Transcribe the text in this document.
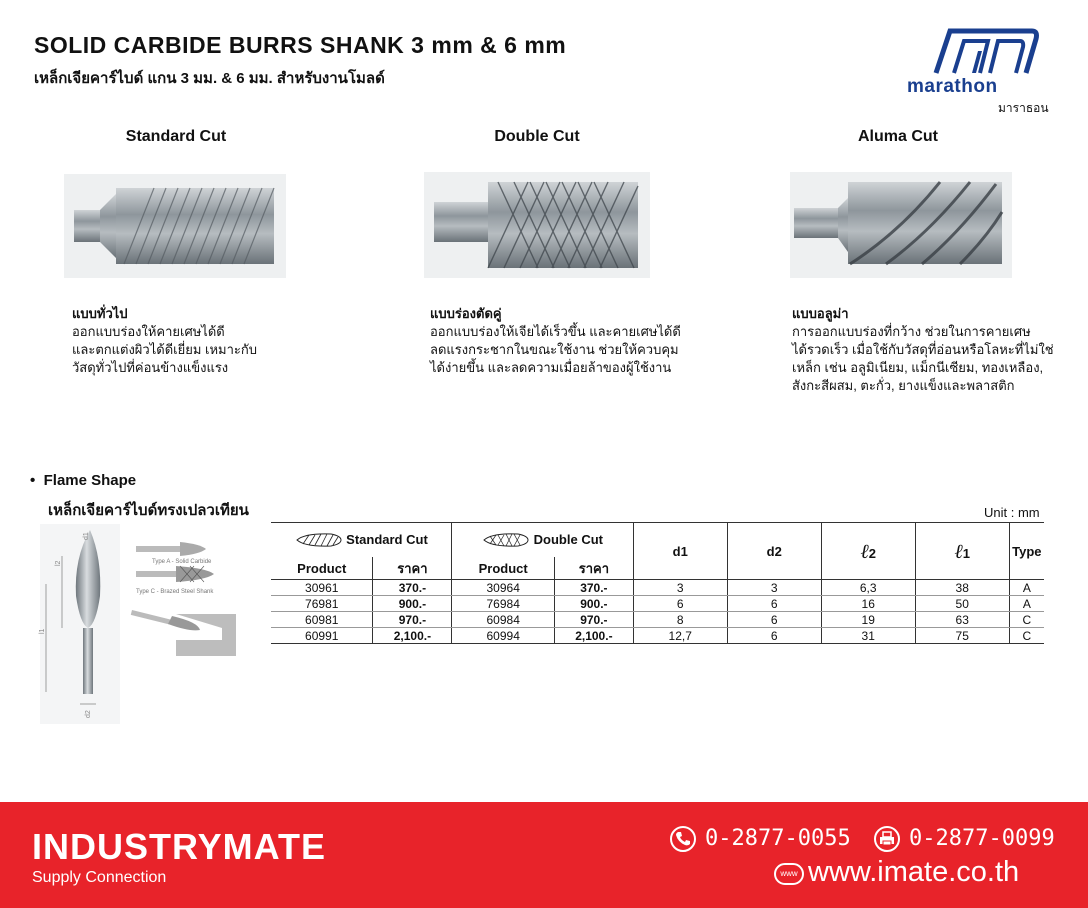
SOLID CARBIDE BURRS SHANK 3 mm & 6 mm
เหล็กเจียคาร์ไบด์ แกน 3 มม. & 6 มม. สำหรับงานโมลด์	marathon
มาราธอน
Standard Cut	Double Cut	Aluma Cut
แบบทั่วไป
ออกแบบร่องให้คายเศษได้ดี
และตกแต่งผิวได้ดีเยี่ยม เหมาะกับ
วัสดุทั่วไปที่ค่อนข้างแข็งแรง
แบบร่องตัดคู่
ออกแบบร่องให้เจียได้เร็วขึ้น และคายเศษได้ดี
ลดแรงกระชากในขณะใช้งาน ช่วยให้ควบคุม
ได้ง่ายขึ้น และลดความเมื่อยล้าของผู้ใช้งาน
แบบอลูม่า
การออกแบบร่องที่กว้าง ช่วยในการคายเศษ
ได้รวดเร็ว เมื่อใช้กับวัสดุที่อ่อนหรือโลหะที่ไม่ใช่
เหล็ก เช่น อลูมิเนียม, แม็กนีเซียม, ทองเหลือง,
สังกะสีผสม, ตะกั่ว, ยางแข็งและพลาสติก
• Flame Shape
เหล็กเจียคาร์ไบด์ทรงเปลวเทียน	Unit : mm
d1
l2
l1
d2
Type A - Solid Carbide
Type C - Brazed Steel Shank
Standard Cut		Double Cut		d1	d2	ℓ2	ℓ1	Type
Product	ราคา	Product	ราคา					
30961	370.-	30964	370.-	3	3	6,3	38	A
76981	900.-	76984	900.-	6	6	16	50	A
60981	970.-	60984	970.-	8	6	19	63	C
60991	2,100.-	60994	2,100.-	12,7	6	31	75	C
INDUSTRYMATE
Supply Connection
0-2877-0055	0-2877-0099
www www.imate.co.th
